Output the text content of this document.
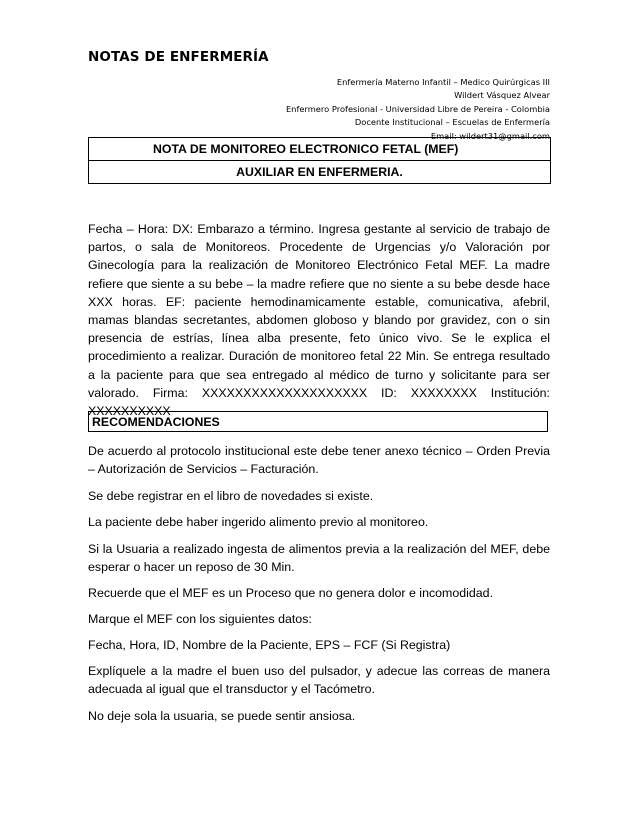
NOTAS DE ENFERMERÍA
Enfermería Materno Infantil – Medico Quirúrgicas III
Wildert Vásquez Alvear
Enfermero Profesional - Universidad Libre de Pereira - Colombia
Docente Institucional – Escuelas de Enfermería
Email: wildert31@gmail.com
NOTA DE MONITOREO ELECTRONICO FETAL (MEF)
AUXILIAR EN ENFERMERIA.
Fecha – Hora: DX: Embarazo a término. Ingresa gestante al servicio de trabajo de partos, o sala de Monitoreos. Procedente de Urgencias y/o Valoración por Ginecología para la realización de Monitoreo Electrónico Fetal MEF. La madre refiere que siente a su bebe – la madre refiere que no siente a su bebe desde hace XXX horas. EF: paciente hemodinamicamente estable, comunicativa, afebril, mamas blandas secretantes, abdomen globoso y blando por gravidez, con o sin presencia de estrías, línea alba presente, feto único vivo. Se le explica el procedimiento a realizar. Duración de monitoreo fetal 22 Min. Se entrega resultado a la paciente para que sea entregado al médico de turno y solicitante para ser valorado. Firma: XXXXXXXXXXXXXXXXXXXX ID: XXXXXXXX Institución: XXXXXXXXXX
RECOMENDACIONES
De acuerdo al protocolo institucional este debe tener anexo técnico – Orden Previa – Autorización de Servicios – Facturación.
Se debe registrar en el libro de novedades si existe.
La paciente debe haber ingerido alimento previo al monitoreo.
Si la Usuaria a realizado ingesta de alimentos previa a la realización del MEF, debe esperar o hacer un reposo de 30 Min.
Recuerde que el MEF es un Proceso que no genera dolor e incomodidad.
Marque el MEF con los siguientes datos:
Fecha, Hora, ID, Nombre de la Paciente, EPS – FCF (Si Registra)
Explíquele a la madre el buen uso del pulsador, y adecue las correas de manera adecuada al igual que el transductor y el Tacómetro.
No deje sola la usuaria, se puede sentir ansiosa.
